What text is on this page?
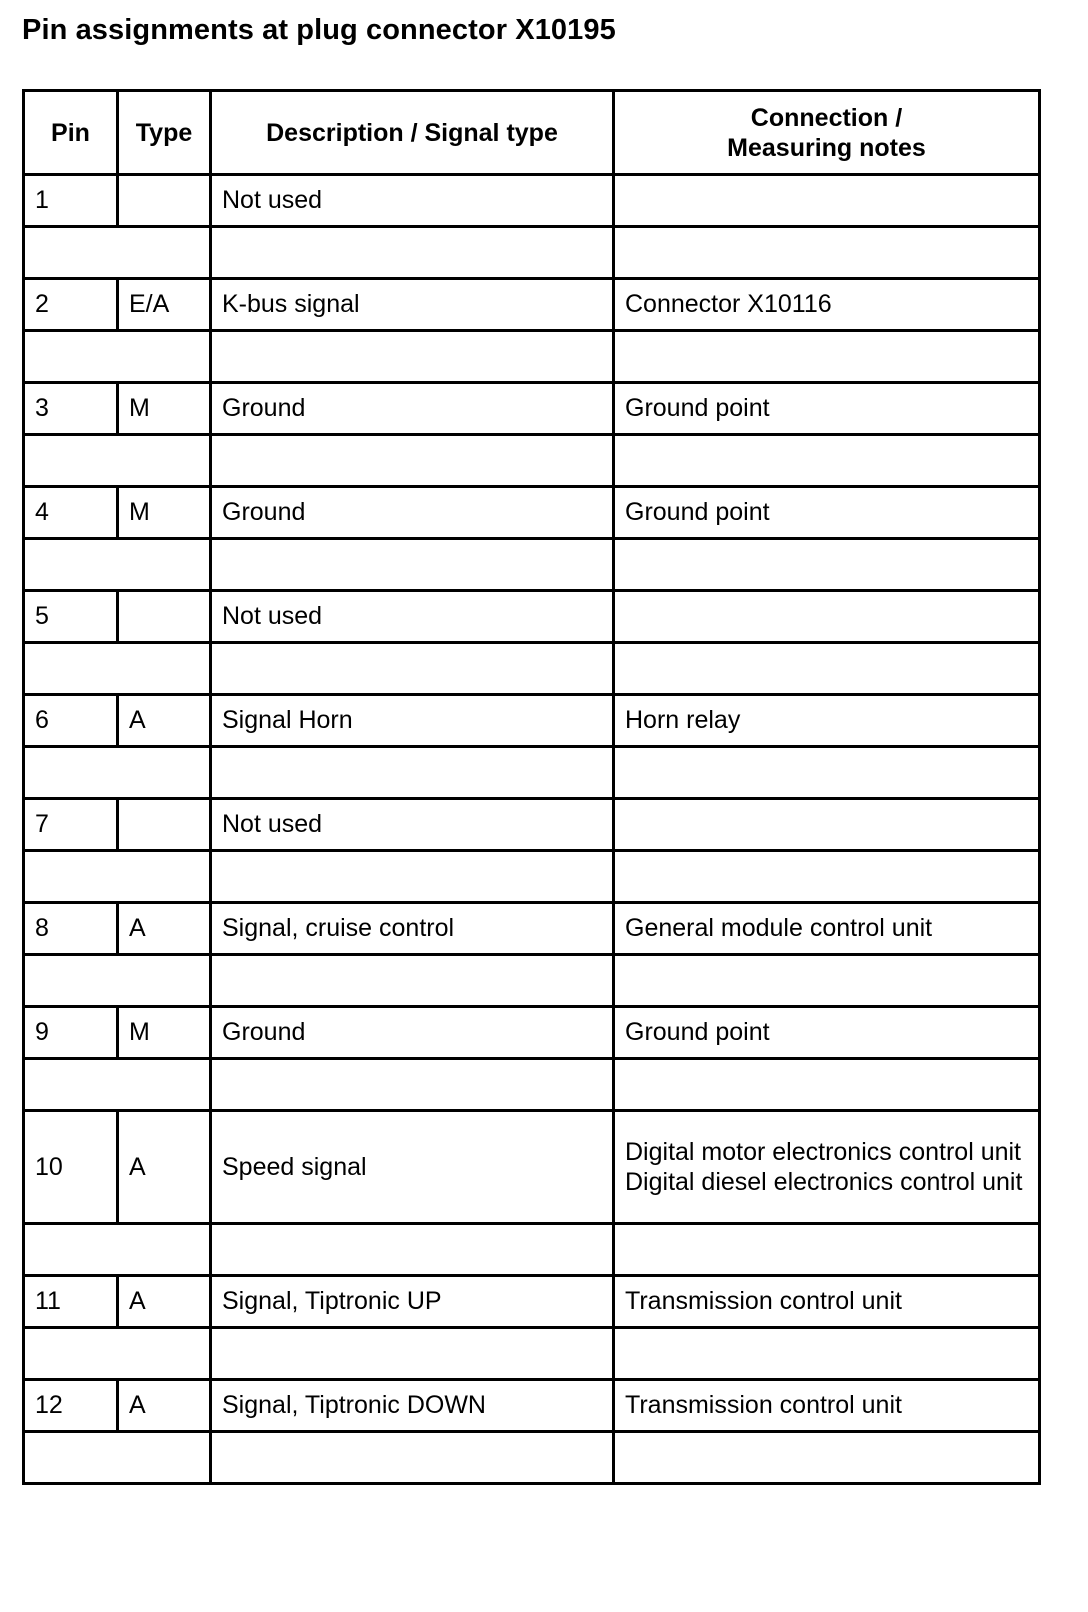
Pin assignments at plug connector X10195
Pin	Type	Description / Signal type	Connection /
Measuring notes
1		Not used	

2	E/A	K-bus signal	Connector X10116

3	M	Ground	Ground point

4	M	Ground	Ground point

5		Not used	

6	A	Signal Horn	Horn relay

7		Not used	

8	A	Signal, cruise control	General module control unit

9	M	Ground	Ground point

10	A	Speed signal	Digital motor electronics control unit Digital diesel electronics control unit

11	A	Signal, Tiptronic UP	Transmission control unit

12	A	Signal, Tiptronic DOWN	Transmission control unit
